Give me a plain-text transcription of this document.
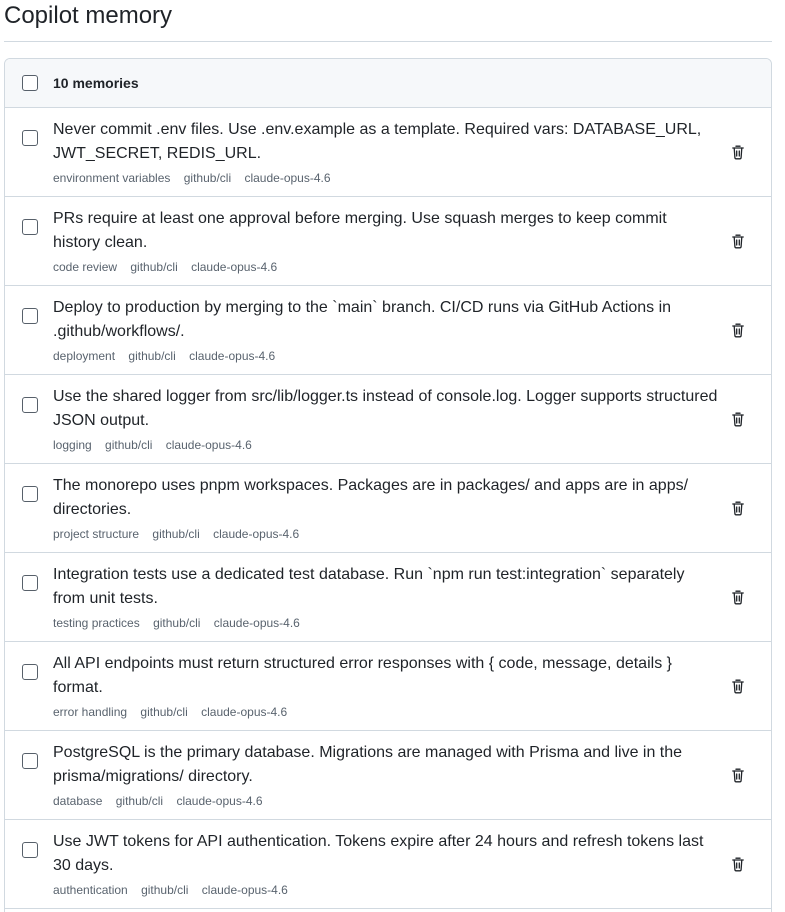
Copilot memory
10 memories

Never commit .env files. Use .env.example as a template. Required vars: DATABASE_URL, JWT_SECRET, REDIS_URL.

environment variables github/cli claude-opus-4.6

PRs require at least one approval before merging. Use squash merges to keep commit history clean.

code review github/cli claude-opus-4.6

Deploy to production by merging to the `main` branch. CI/CD runs via GitHub Actions in .github/workflows/.

deployment github/cli claude-opus-4.6

Use the shared logger from src/lib/logger.ts instead of console.log. Logger supports structured JSON output.

logging github/cli claude-opus-4.6

The monorepo uses pnpm workspaces. Packages are in packages/ and apps are in apps/ directories.

project structure github/cli claude-opus-4.6

Integration tests use a dedicated test database. Run `npm run test:integration` separately from unit tests.

testing practices github/cli claude-opus-4.6

All API endpoints must return structured error responses with { code, message, details } format.

error handling github/cli claude-opus-4.6

PostgreSQL is the primary database. Migrations are managed with Prisma and live in the prisma/migrations/ directory.

database github/cli claude-opus-4.6

Use JWT tokens for API authentication. Tokens expire after 24 hours and refresh tokens last 30 days.

authentication github/cli claude-opus-4.6
